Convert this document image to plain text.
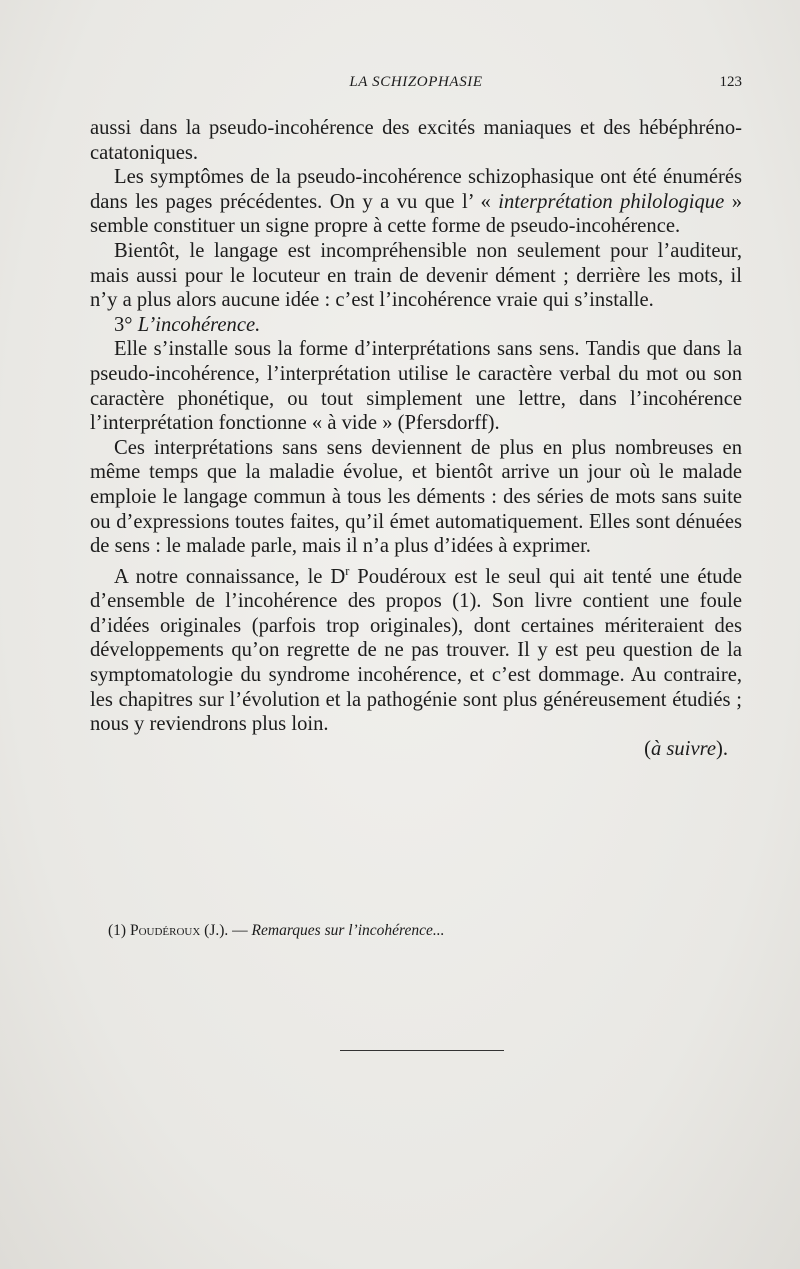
LA SCHIZOPHASIE	123

aussi dans la pseudo-incohérence des excités maniaques et des hébéphréno-catatoniques.

Les symptômes de la pseudo-incohérence schizophasique ont été énumérés dans les pages précédentes. On y a vu que l’ « interprétation philologique » semble constituer un signe propre à cette forme de pseudo-incohérence.

Bientôt, le langage est incompréhensible non seulement pour l’auditeur, mais aussi pour le locuteur en train de devenir dément ; derrière les mots, il n’y a plus alors aucune idée : c’est l’incohérence vraie qui s’installe.

3° L’incohérence.

Elle s’installe sous la forme d’interprétations sans sens. Tandis que dans la pseudo-incohérence, l’interprétation utilise le caractère verbal du mot ou son caractère phonétique, ou tout simplement une lettre, dans l’incohérence l’interprétation fonctionne « à vide » (Pfersdorff).

Ces interprétations sans sens deviennent de plus en plus nombreuses en même temps que la maladie évolue, et bientôt arrive un jour où le malade emploie le langage commun à tous les déments : des séries de mots sans suite ou d’expressions toutes faites, qu’il émet automatiquement. Elles sont dénuées de sens : le malade parle, mais il n’a plus d’idées à exprimer.

A notre connaissance, le $D^r$ Poudéroux est le seul qui ait tenté une étude d’ensemble de l’incohérence des propos (1). Son livre contient une foule d’idées originales (parfois trop originales), dont certaines mériteraient des développements qu’on regrette de ne pas trouver. Il y est peu question de la symptomatologie du syndrome incohérence, et c’est dommage. Au contraire, les chapitres sur l’évolution et la pathogénie sont plus généreusement étudiés ; nous y reviendrons plus loin.

(à suivre).

(1) Poudéroux (J.). — Remarques sur l’incohérence...
